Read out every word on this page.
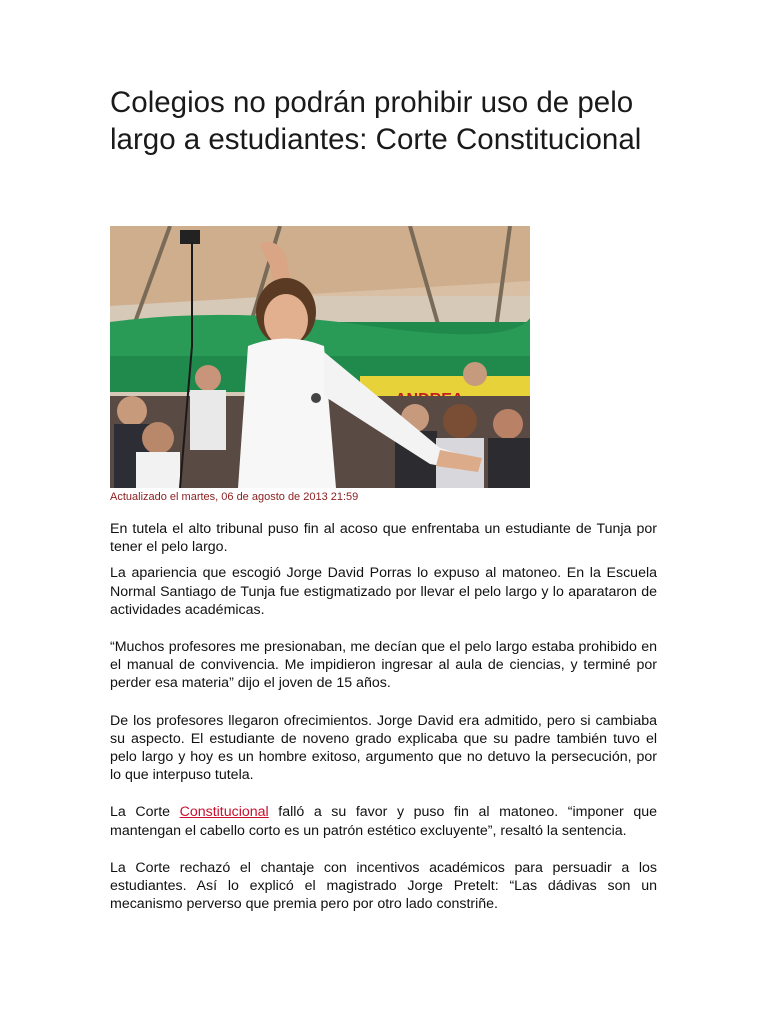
Colegios no podrán prohibir uso de pelo largo a estudiantes: Corte Constitucional
Actualizado el martes, 06 de agosto de 2013 21:59

En tutela el alto tribunal puso fin al acoso que enfrentaba un estudiante de Tunja por tener el pelo largo.

La apariencia que escogió Jorge David Porras lo expuso al matoneo. En la Escuela Normal Santiago de Tunja fue estigmatizado por llevar el pelo largo y lo aparataron de actividades académicas.

“Muchos profesores me presionaban, me decían que el pelo largo estaba prohibido en el manual de convivencia. Me impidieron ingresar al aula de ciencias, y terminé por perder esa materia” dijo el joven de 15 años.

De los profesores llegaron ofrecimientos. Jorge David era admitido, pero si cambiaba su aspecto. El estudiante de noveno grado explicaba que su padre también tuvo el pelo largo y hoy es un hombre exitoso, argumento que no detuvo la persecución, por lo que interpuso tutela.

La Corte Constitucional falló a su favor y puso fin al matoneo. “imponer que mantengan el cabello corto es un patrón estético excluyente”, resaltó la sentencia.

La Corte rechazó el chantaje con incentivos académicos para persuadir a los estudiantes. Así lo explicó el magistrado Jorge Pretelt: “Las dádivas son un mecanismo perverso que premia pero por otro lado constriñe.
